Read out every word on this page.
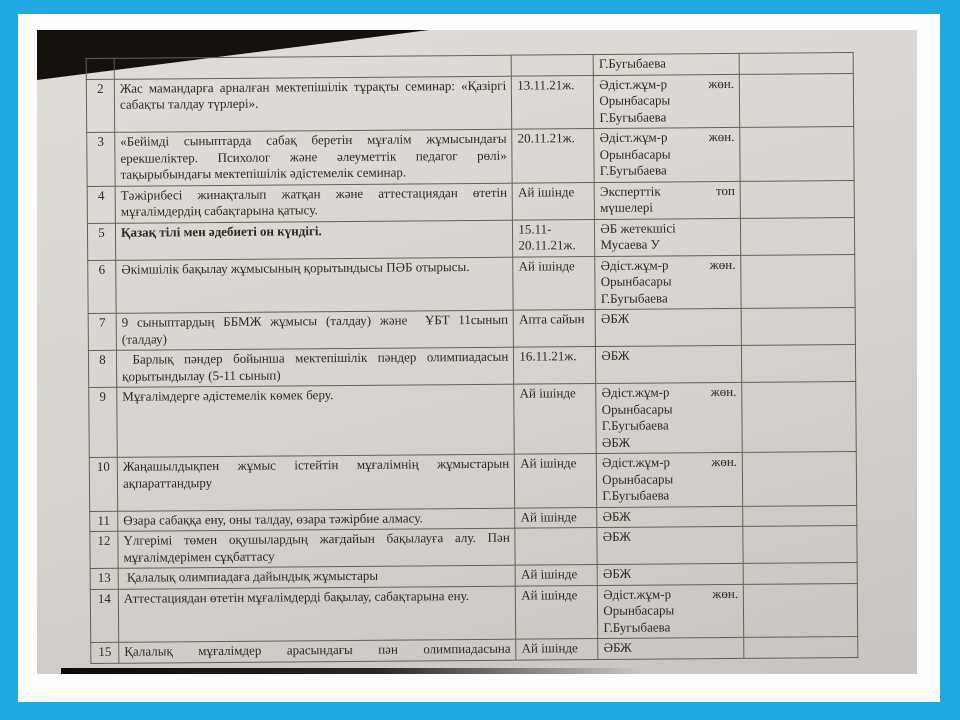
			Г.Бугыбаева	

2	Жас мамандарға арналған мектепішілік тұрақты семинар: «Қазіргі сабақты талдау түрлері».	13.11.21ж.	Әдіст.жұм-р жөн.
Орынбасары
Г.Бугыбаева	

3	«Бейімді сыныптарда сабақ беретін мұғалім жұмысындағы ерекшеліктер. Психолог және әлеуметтік педагог рөлі» тақырыбындағы мектепішілік әдістемелік семинар.	20.11.21ж.	Әдіст.жұм-р жөн.
Орынбасары
Г.Бугыбаева	

4	Тәжірибесі жинақталып жатқан және аттестациядан өтетін мұғалімдердің сабақтарына қатысу.	Ай ішінде	Эксперттік топ
мүшелері	

5	Қазақ тілі мен әдебиеті он күндігі.	15.11-
20.11.21ж.	
ӘБ жетекшісі
Мусаева У

6	Әкімшілік бақылау жұмысының қорытындысы ПӘБ отырысы.	Ай ішінде	Әдіст.жұм-р жөн.
Орынбасары
Г.Бугыбаева	

7	9 сыныптардың ББМЖ жұмысы (талдау) және  ҰБТ 11сынып (талдау)	Апта сайын	ӘБЖ	

8	Барлық пәндер бойынша мектепішілік пәндер олимпиадасын қорытындылау (5-11 сынып)	16.11.21ж.	ӘБЖ	

9	Мұғалімдерге әдістемелік көмек беру.	Ай ішінде	Әдіст.жұм-р жөн.
Орынбасары
Г.Бугыбаева
ӘБЖ	

10	Жаңашылдықпен жұмыс істейтін мұғалімнің жұмыстарын ақпараттандыру	Ай ішінде	Әдіст.жұм-р жөн.
Орынбасары
Г.Бугыбаева	

11	Өзара сабаққа ену, оны талдау, өзара тәжірбие алмасу.	Ай ішінде	ӘБЖ	

12	Үлгерімі төмен оқушылардың жағдайын бақылауға алу. Пән мұғалімдерімен сұқбаттасу		ӘБЖ	

13	Қалалық олимпиадаға дайындық жұмыстары	Ай ішінде	ӘБЖ	

14	Аттестациядан өтетін мұғалімдерді бақылау, сабақтарына ену.	Ай ішінде	Әдіст.жұм-р жөн.
Орынбасары
Г.Бугыбаева	

15	Қалалық мұғалімдер арасындағы пән олимпиадасына	Ай ішінде	ӘБЖ	
